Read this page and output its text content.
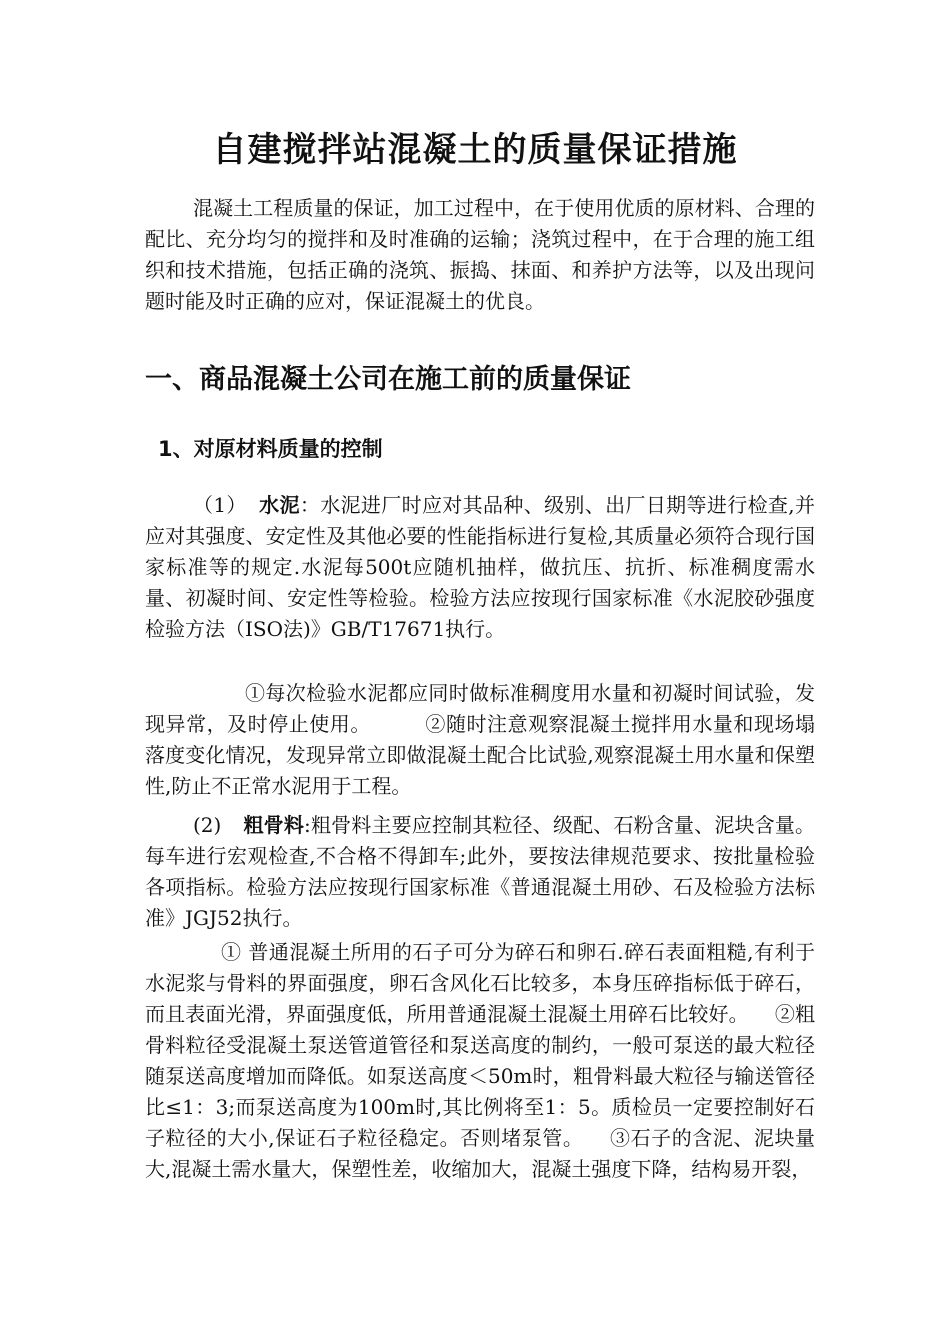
自建搅拌站混凝土的质量保证措施

混凝土工程质量的保证，加工过程中，在于使用优质的原材料、合理的配比、充分均匀的搅拌和及时准确的运输；浇筑过程中，在于合理的施工组织和技术措施，包括正确的浇筑、振捣、抹面、和养护方法等，以及出现问题时能及时正确的应对，保证混凝土的优良。

一、商品混凝土公司在施工前的质量保证
1、对原材料质量的控制

（1） 水泥：水泥进厂时应对其品种、级别、出厂日期等进行检查,并应对其强度、安定性及其他必要的性能指标进行复检,其质量必须符合现行国家标准等的规定.水泥每500t应随机抽样，做抗压、抗折、标准稠度需水量、初凝时间、安定性等检验。检验方法应按现行国家标准《水泥胶砂强度检验方法（ISO法)》GB/T17671执行。

①每次检验水泥都应同时做标准稠度用水量和初凝时间试验，发现异常，及时停止使用。	②随时注意观察混凝土搅拌用水量和现场塌落度变化情况，发现异常立即做混凝土配合比试验,观察混凝土用水量和保塑性,防止不正常水泥用于工程。

(2) 粗骨料:粗骨料主要应控制其粒径、级配、石粉含量、泥块含量。每车进行宏观检查,不合格不得卸车;此外，要按法律规范要求、按批量检验各项指标。检验方法应按现行国家标准《普通混凝土用砂、石及检验方法标准》JGJ52执行。

① 普通混凝土所用的石子可分为碎石和卵石.碎石表面粗糙,有利于水泥浆与骨料的界面强度，卵石含风化石比较多，本身压碎指标低于碎石，而且表面光滑，界面强度低，所用普通混凝土混凝土用碎石比较好。 ②粗骨料粒径受混凝土泵送管道管径和泵送高度的制约，一般可泵送的最大粒径随泵送高度增加而降低。如泵送高度＜50m时，粗骨料最大粒径与输送管径比≤1：3;而泵送高度为100m时,其比例将至1：5。质检员一定要控制好石子粒径的大小,保证石子粒径稳定。否则堵泵管。 ③石子的含泥、泥块量大,混凝土需水量大，保塑性差，收缩加大，混凝土强度下降，结构易开裂，
